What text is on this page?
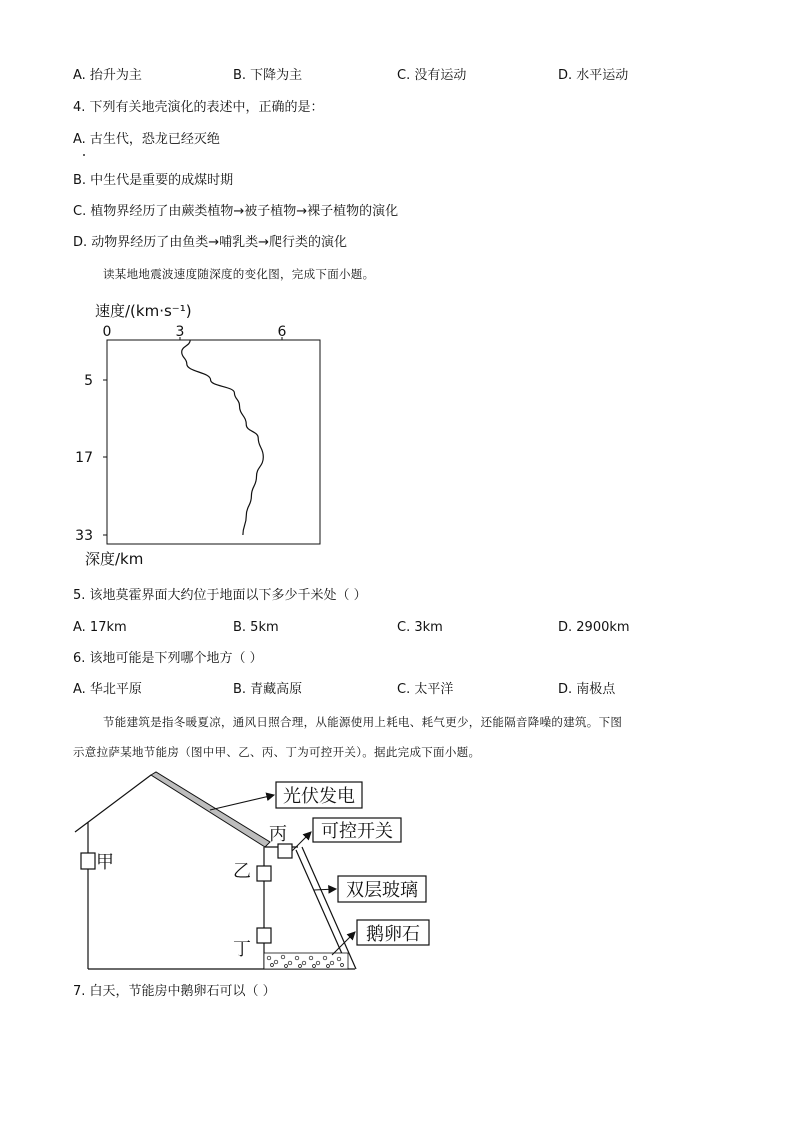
A. 抬升为主	B. 下降为主	C. 没有运动	D. 水平运动
4. 下列有关地壳演化的表述中，正确的是：
A. 古生代，恐龙已经灭绝
B. 中生代是重要的成煤时期
C. 植物界经历了由蕨类植物→被子植物→裸子植物的演化
D. 动物界经历了由鱼类→哺乳类→爬行类的演化
读某地地震波速度随深度的变化图，完成下面小题。
速度/(km·s⁻¹)
0	3	6
5
17
33
深度/km
5. 该地莫霍界面大约位于地面以下多少千米处（ ）
A. 17km	B. 5km	C. 3km	D. 2900km
6. 该地可能是下列哪个地方（ ）
A. 华北平原	B. 青藏高原	C. 太平洋	D. 南极点
节能建筑是指冬暖夏凉，通风日照合理，从能源使用上耗电、耗气更少，还能隔音降噪的建筑。下图
示意拉萨某地节能房（图中甲、乙、丙、丁为可控开关）。据此完成下面小题。
甲	乙
丙
丁
光伏发电
可控开关
双层玻璃
鹅卵石
7. 白天，节能房中鹅卵石可以（ ）
